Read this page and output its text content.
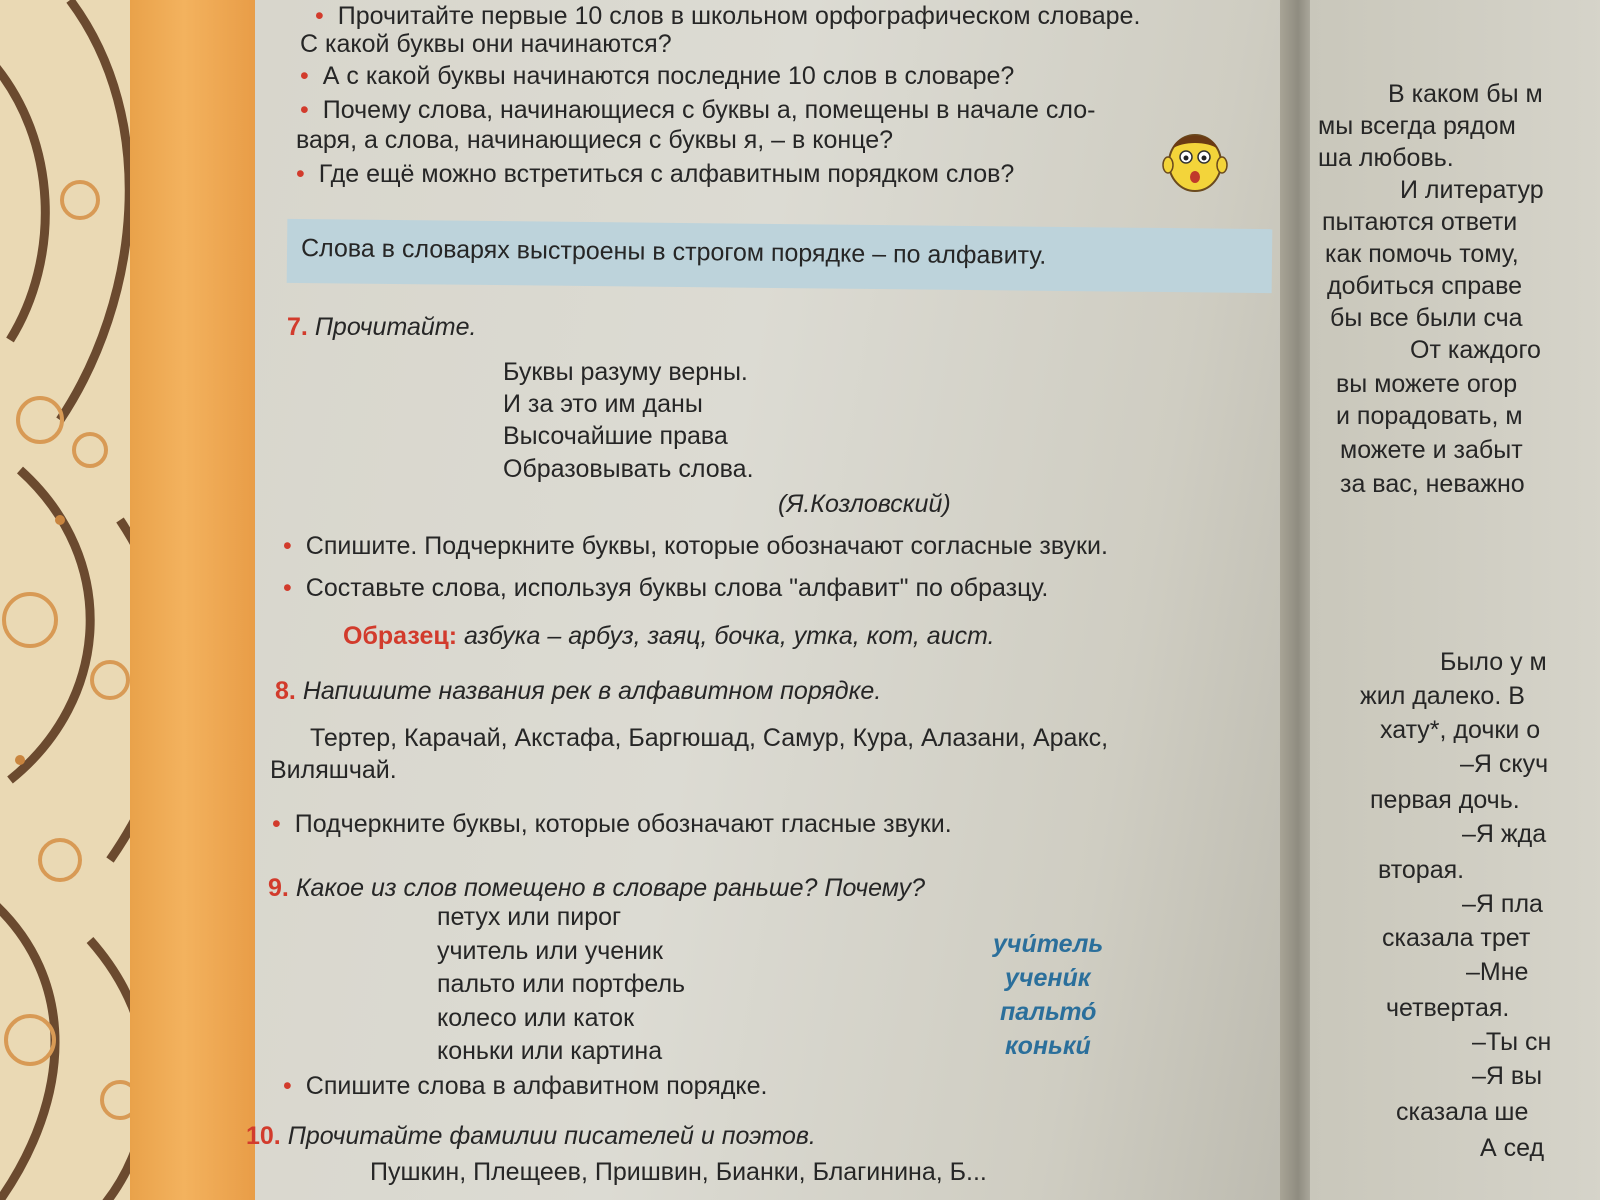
• Прочитайте первые 10 слов в школьном орфографическом словаре.
С какой буквы они начинаются?
• А с какой буквы начинаются последние 10 слов в словаре?
• Почему слова, начинающиеся с буквы а, помещены в начале сло-
варя, а слова, начинающиеся с буквы я, – в конце?
• Где ещё можно встретиться с алфавитным порядком слов?
Слова в словарях выстроены в строгом порядке – по алфавиту.
7. Прочитайте.
Буквы разуму верны.
И за это им даны
Высочайшие права
Образовывать слова.
(Я.Козловский)
• Спишите. Подчеркните буквы, которые обозначают согласные звуки.
• Составьте слова, используя буквы слова "алфавит" по образцу.
Образец: азбука – арбуз, заяц, бочка, утка, кот, аист.
8. Напишите названия рек в алфавитном порядке.
Тертер, Карачай, Акстафа, Баргюшад, Самур, Кура, Алазани, Аракс,
Виляшчай.
• Подчеркните буквы, которые обозначают гласные звуки.
9. Какое из слов помещено в словаре раньше? Почему?
петух или пирог
учитель или ученик
пальто или портфель
колесо или каток
коньки или картина
учи́тель
учени́к
пальто́
коньки́
• Спишите слова в алфавитном порядке.
10. Прочитайте фамилии писателей и поэтов.
Пушкин, Плещеев, Пришвин, Бианки, Благинина, Б...
В каком бы м
мы всегда рядом
ша любовь.
И литератур
пытаются ответи
как помочь тому,
добиться справе
бы все были сча
От каждого
вы можете огор
и порадовать, м
можете и забыт
за вас, неважно
Было у м
жил далеко. В
хату*, дочки о
–Я скуч
первая дочь.
–Я жда
вторая.
–Я пла
сказала трет
–Мне
четвертая.
–Ты сн
–Я вы
сказала ше
А сед
